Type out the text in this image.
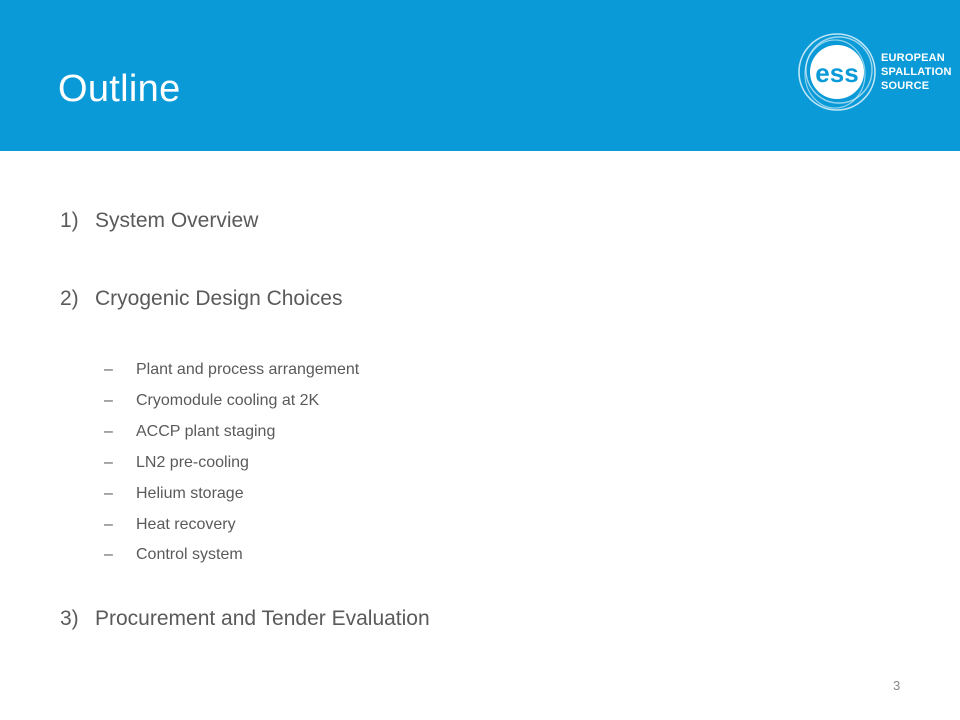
Outline	ess EUROPEAN
SPALLATION
SOURCE
1) System Overview
2) Cryogenic Design Choices
– Plant and process arrangement
– Cryomodule cooling at 2K
– ACCP plant staging
– LN2 pre-cooling
– Helium storage
– Heat recovery
– Control system
3) Procurement and Tender Evaluation
3
